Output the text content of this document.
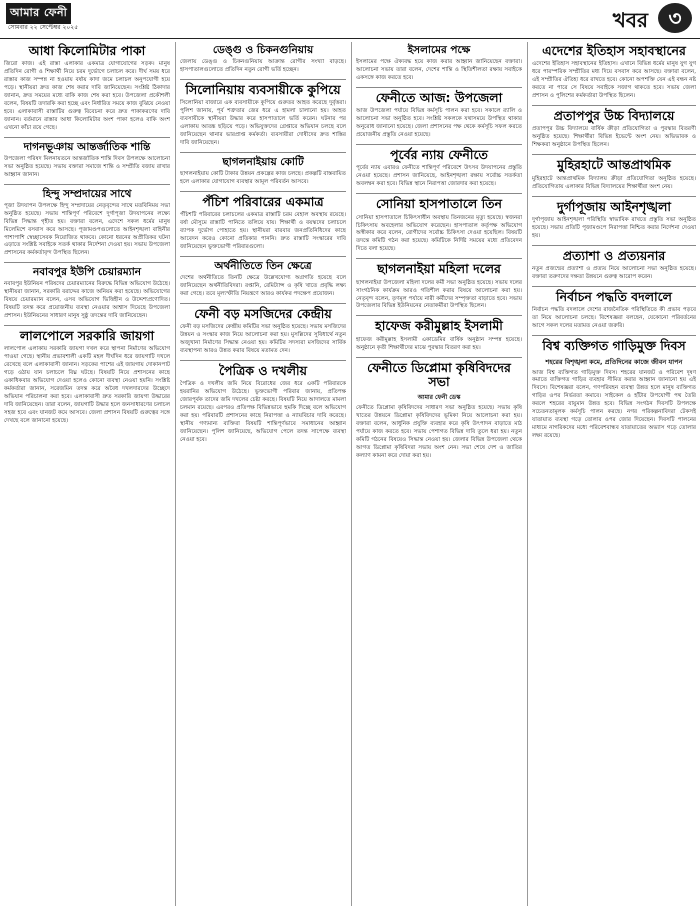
আমার ফেনী
সোমবার ২২ সেপ্টেম্বর ২০২৫	খবর	৩
আধা কিলোমিটার পাকা

জিরো কাজ। এই রাস্তা এলাকার একমাত্র যোগাযোগের সড়ক। মানুষ প্রতিদিন রোগী ও শিক্ষার্থী নিয়ে চরম দুর্ভোগে চলাচল করে। দীর্ঘ সময় ধরে রাস্তার কাজ সম্পন্ন না হওয়ায় বর্ষায় কাদা জমে চলাচল অনুপযোগী হয়ে পড়ে। স্থানীয়রা দ্রুত কাজ শেষ করার দাবি জানিয়েছেন। সংশ্লিষ্ট ঠিকাদার জানান, দ্রুত সময়ের মধ্যে বাকি কাজ শেষ করা হবে। উপজেলা প্রকৌশলী বলেন, বিষয়টি তদারকি করা হচ্ছে এবং নির্ধারিত সময়ে কাজ বুঝিয়ে নেওয়া হবে। এলাকাবাসী রাস্তাটির গুরুত্ব বিবেচনা করে দ্রুত পাকাকরণের দাবি জানান। বর্তমানে রাস্তার আধা কিলোমিটার অংশ পাকা হলেও বাকি অংশ এখনো কাঁচা রয়ে গেছে।

দাগনভূঞায় আন্তর্জাতিক শান্তি

উপজেলা পরিষদ মিলনায়তনে আন্তর্জাতিক শান্তি দিবস উপলক্ষে আলোচনা সভা অনুষ্ঠিত হয়েছে। সভায় বক্তারা সমাজে শান্তি ও সম্প্রীতি বজায় রাখার আহ্বান জানান।

হিন্দু সম্প্রদায়ের সাথে

পূজা উদযাপন উপলক্ষে হিন্দু সম্প্রদায়ের নেতৃবৃন্দের সাথে মতবিনিময় সভা অনুষ্ঠিত হয়েছে। সভায় শান্তিপূর্ণ পরিবেশে দুর্গাপূজা উদযাপনের লক্ষ্যে বিভিন্ন সিদ্ধান্ত গৃহীত হয়। বক্তারা বলেন, এদেশে সকল ধর্মের মানুষ মিলেমিশে বসবাস করে আসছে। পূজামণ্ডপগুলোতে আইনশৃঙ্খলা বাহিনীর পাশাপাশি স্বেচ্ছাসেবক নিয়োজিত থাকবে। কোনো ধরনের অপ্রীতিকর ঘটনা এড়াতে সংশ্লিষ্ট সবাইকে সতর্ক থাকার নির্দেশনা দেওয়া হয়। সভায় উপজেলা প্রশাসনের কর্মকর্তাবৃন্দ উপস্থিত ছিলেন।

নবাবপুর ইউপি চেয়ারম্যান

নবাবপুর ইউনিয়ন পরিষদের চেয়ারম্যানের বিরুদ্ধে বিভিন্ন অভিযোগ উঠেছে। স্থানীয়রা জানান, সরকারি বরাদ্দের কাজে অনিয়ম করা হয়েছে। অভিযোগের বিষয়ে চেয়ারম্যান বলেন, এসব অভিযোগ ভিত্তিহীন ও উদ্দেশ্যপ্রণোদিত। বিষয়টি তদন্ত করে প্রয়োজনীয় ব্যবস্থা নেওয়ার আশ্বাস দিয়েছে উপজেলা প্রশাসন। ইউনিয়নের সাধারণ মানুষ সুষ্ঠু তদন্তের দাবি জানিয়েছেন।

লালপোলে সরকারি জায়গা

লালপোল এলাকায় সরকারি জায়গা দখল করে স্থাপনা নির্মাণের অভিযোগ পাওয়া গেছে। স্থানীয় প্রভাবশালী একটি মহল দীর্ঘদিন ধরে জায়গাটি দখলে রেখেছে বলে এলাকাবাসী জানান। সড়কের পাশের এই জায়গায় দোকানপাট গড়ে ওঠায় যান চলাচলে বিঘ্ন ঘটছে। বিষয়টি নিয়ে প্রশাসনের কাছে একাধিকবার অভিযোগ দেওয়া হলেও কোনো ব্যবস্থা নেওয়া হয়নি। সংশ্লিষ্ট কর্মকর্তারা জানান, সরেজমিন তদন্ত করে অবৈধ দখলদারদের উচ্ছেদে অভিযান পরিচালনা করা হবে। এলাকাবাসী দ্রুত সরকারি জায়গা উদ্ধারের দাবি জানিয়েছেন। তারা বলেন, জায়গাটি উদ্ধার হলে জনসাধারণের চলাচল সহজ হবে এবং যানজট কমে আসবে। জেলা প্রশাসন বিষয়টি গুরুত্বের সঙ্গে দেখছে বলে জানানো হয়েছে।

ডেঙ্গু ও চিকনগুনিয়ায়

জেলায় ডেঙ্গু ও চিকনগুনিয়ায় আক্রান্ত রোগীর সংখ্যা বাড়ছে। হাসপাতালগুলোতে প্রতিদিন নতুন রোগী ভর্তি হচ্ছেন।

সিলোনিয়ায় ব্যবসায়ীকে কুপিয়ে

সিলোনিয়া বাজারে এক ব্যবসায়ীকে কুপিয়ে গুরুতর আহত করেছে দুর্বৃত্তরা। পুলিশ জানায়, পূর্ব শত্রুতার জের ধরে এ হামলা চালানো হয়। আহত ব্যবসায়ীকে স্থানীয়রা উদ্ধার করে হাসপাতালে ভর্তি করেন। ঘটনার পর এলাকায় আতঙ্ক ছড়িয়ে পড়ে। অভিযুক্তদের গ্রেপ্তারে অভিযান চলছে বলে জানিয়েছেন থানার ভারপ্রাপ্ত কর্মকর্তা। ব্যবসায়ীরা দোষীদের দ্রুত শাস্তির দাবি জানিয়েছেন।

ছাগলনাইয়ায় কোটি

ছাগলনাইয়ায় কোটি টাকার উন্নয়ন প্রকল্পের কাজ চলছে। প্রকল্পটি বাস্তবায়িত হলে এলাকার যোগাযোগ ব্যবস্থার আমূল পরিবর্তন আসবে।

পঁচিশ পরিবারের একমাত্র

পঁচিশটি পরিবারের চলাচলের একমাত্র রাস্তাটি চরম বেহাল অবস্থায় রয়েছে। বর্ষা মৌসুমে রাস্তাটি পানিতে তলিয়ে যায়। শিক্ষার্থী ও বয়স্কদের চলাচলে ব্যাপক দুর্ভোগ পোহাতে হয়। স্থানীয়রা বারবার জনপ্রতিনিধিদের কাছে আবেদন করেও কোনো প্রতিকার পাননি। দ্রুত রাস্তাটি সংস্কারের দাবি জানিয়েছেন ভুক্তভোগী পরিবারগুলো।

অর্থনীতিতে তিন ক্ষেত্রে

দেশের অর্থনীতিতে তিনটি ক্ষেত্রে উল্লেখযোগ্য অগ্রগতি হয়েছে বলে জানিয়েছেন অর্থনীতিবিদরা। রপ্তানি, রেমিট্যান্স ও কৃষি খাতে প্রবৃদ্ধি লক্ষ্য করা গেছে। তবে মূল্যস্ফীতি নিয়ন্ত্রণে আরও কার্যকর পদক্ষেপ প্রয়োজন।

ফেনী বড় মসজিদের কেন্দ্রীয়

ফেনী বড় মসজিদের কেন্দ্রীয় কমিটির সভা অনুষ্ঠিত হয়েছে। সভায় মসজিদের উন্নয়ন ও সংস্কার কাজ নিয়ে আলোচনা করা হয়। মুসল্লিদের সুবিধার্থে নতুন অজুখানা নির্মাণের সিদ্ধান্ত নেওয়া হয়। কমিটির সদস্যরা মসজিদের সার্বিক ব্যবস্থাপনা আরও উন্নত করার বিষয়ে মতামত দেন।

পৈত্রিক ও দখলীয়

পৈত্রিক ও দখলীয় জমি নিয়ে বিরোধের জের ধরে একটি পরিবারকে হয়রানির অভিযোগ উঠেছে। ভুক্তভোগী পরিবার জানায়, প্রতিপক্ষ জোরপূর্বক তাদের জমি দখলের চেষ্টা করছে। বিষয়টি নিয়ে আদালতে মামলা চলমান রয়েছে। এরপরও প্রতিপক্ষ বিভিন্নভাবে হুমকি দিচ্ছে বলে অভিযোগ করা হয়। পরিবারটি প্রশাসনের কাছে নিরাপত্তা ও ন্যায়বিচার দাবি করেছে। স্থানীয় গণ্যমান্য ব্যক্তিরা বিষয়টি শান্তিপূর্ণভাবে সমাধানের আহ্বান জানিয়েছেন। পুলিশ জানিয়েছে, অভিযোগ পেলে তদন্ত সাপেক্ষে ব্যবস্থা নেওয়া হবে।

ইসলামের পক্ষে

ইসলামের পক্ষে ঐক্যবদ্ধ হয়ে কাজ করার আহ্বান জানিয়েছেন বক্তারা। আলোচনা সভায় তারা বলেন, দেশের শান্তি ও স্থিতিশীলতা রক্ষায় সবাইকে একসঙ্গে কাজ করতে হবে।

ফেনীতে আজ: উপজেলা

আজ উপজেলা পর্যায়ে বিভিন্ন কর্মসূচি পালন করা হবে। সকালে র‌্যালি ও আলোচনা সভা অনুষ্ঠিত হবে। সংশ্লিষ্ট সকলকে যথাসময়ে উপস্থিত থাকার অনুরোধ জানানো হয়েছে। জেলা প্রশাসনের পক্ষ থেকে কর্মসূচি সফল করতে প্রয়োজনীয় প্রস্তুতি নেওয়া হয়েছে।

পূর্বের ন্যায় ফেনীতে

পূর্বের ন্যায় এবারও ফেনীতে শান্তিপূর্ণ পরিবেশে উৎসব উদযাপনের প্রস্তুতি নেওয়া হয়েছে। প্রশাসন জানিয়েছে, আইনশৃঙ্খলা রক্ষায় সর্বোচ্চ সতর্কতা অবলম্বন করা হবে। বিভিন্ন স্থানে নিরাপত্তা জোরদার করা হয়েছে।

সোনিয়া হাসপাতালে তিন

সোনিয়া হাসপাতালে চিকিৎসাধীন অবস্থায় তিনজনের মৃত্যু হয়েছে। স্বজনরা চিকিৎসায় অবহেলার অভিযোগ করেছেন। হাসপাতাল কর্তৃপক্ষ অভিযোগ অস্বীকার করে বলেন, রোগীদের সর্বোচ্চ চিকিৎসা দেওয়া হয়েছিল। বিষয়টি তদন্তে কমিটি গঠন করা হয়েছে। কমিটিকে নির্দিষ্ট সময়ের মধ্যে প্রতিবেদন দিতে বলা হয়েছে।

ছাগলনাইয়া মহিলা দলের

ছাগলনাইয়া উপজেলা মহিলা দলের কর্মী সভা অনুষ্ঠিত হয়েছে। সভায় দলের সাংগঠনিক কার্যক্রম আরও গতিশীল করার বিষয়ে আলোচনা করা হয়। নেতৃবৃন্দ বলেন, তৃণমূল পর্যায়ে নারী কর্মীদের সম্পৃক্ততা বাড়াতে হবে। সভায় উপজেলার বিভিন্ন ইউনিয়নের নেতাকর্মীরা উপস্থিত ছিলেন।

হাফেজ করীমুল্লাহ ইসলামী

হাফেজ করীমুল্লাহ ইসলামী একাডেমির বার্ষিক অনুষ্ঠান সম্পন্ন হয়েছে। অনুষ্ঠানে কৃতী শিক্ষার্থীদের মাঝে পুরস্কার বিতরণ করা হয়।

ফেনীতে ডিপ্লোমা কৃষিবিদদের সভা
আমার ফেনী ডেস্ক

ফেনীতে ডিপ্লোমা কৃষিবিদদের সাধারণ সভা অনুষ্ঠিত হয়েছে। সভায় কৃষি খাতের উন্নয়নে ডিপ্লোমা কৃষিবিদদের ভূমিকা নিয়ে আলোচনা করা হয়। বক্তারা বলেন, আধুনিক প্রযুক্তি ব্যবহার করে কৃষি উৎপাদন বাড়াতে মাঠ পর্যায়ে কাজ করতে হবে। সভায় পেশাগত বিভিন্ন দাবি তুলে ধরা হয়। নতুন কমিটি গঠনের বিষয়েও সিদ্ধান্ত নেওয়া হয়। জেলার বিভিন্ন উপজেলা থেকে আগত ডিপ্লোমা কৃষিবিদরা সভায় অংশ নেন। সভা শেষে দেশ ও জাতির কল্যাণ কামনা করে দোয়া করা হয়।

এদেশের ইতিহাস সহাবস্থানের

এদেশের ইতিহাস সহাবস্থানের ইতিহাস। এখানে বিভিন্ন ধর্মের মানুষ যুগ যুগ ধরে পারস্পরিক সম্প্রীতির মধ্য দিয়ে বসবাস করে আসছে। বক্তারা বলেন, এই সম্প্রীতির ঐতিহ্য ধরে রাখতে হবে। কোনো অপশক্তি যেন এই বন্ধন নষ্ট করতে না পারে সে বিষয়ে সবাইকে সজাগ থাকতে হবে। সভায় জেলা প্রশাসন ও পুলিশের কর্মকর্তারা উপস্থিত ছিলেন।

প্রতাপপুর উচ্চ বিদ্যালয়ে

প্রতাপপুর উচ্চ বিদ্যালয়ে বার্ষিক ক্রীড়া প্রতিযোগিতা ও পুরস্কার বিতরণী অনুষ্ঠিত হয়েছে। শিক্ষার্থীরা বিভিন্ন ইভেন্টে অংশ নেয়। অভিভাবক ও শিক্ষকরা অনুষ্ঠানে উপস্থিত ছিলেন।

মুহিরহাটে আন্তপ্রাথমিক

মুহিরহাটে আন্তপ্রাথমিক বিদ্যালয় ক্রীড়া প্রতিযোগিতা অনুষ্ঠিত হয়েছে। প্রতিযোগিতায় এলাকার বিভিন্ন বিদ্যালয়ের শিক্ষার্থীরা অংশ নেয়।

দুর্গাপূজায় আইনশৃঙ্খলা

দুর্গাপূজায় আইনশৃঙ্খলা পরিস্থিতি স্বাভাবিক রাখতে প্রস্তুতি সভা অনুষ্ঠিত হয়েছে। সভায় প্রতিটি পূজামণ্ডপে নিরাপত্তা নিশ্চিত করার নির্দেশনা দেওয়া হয়।

প্রত্যাশা ও প্রত্যয়নার

নতুন প্রজন্মের প্রত্যাশা ও প্রত্যয় নিয়ে আলোচনা সভা অনুষ্ঠিত হয়েছে। বক্তারা তরুণদের দক্ষতা উন্নয়নে গুরুত্ব আরোপ করেন।

নির্বাচন পদ্ধতি বদলালে

নির্বাচন পদ্ধতি বদলালে দেশের রাজনৈতিক পরিস্থিতিতে কী প্রভাব পড়বে তা নিয়ে আলোচনা চলছে। বিশেষজ্ঞরা বলছেন, যেকোনো পরিবর্তনের আগে সকল দলের মতামত নেওয়া জরুরি।

বিশ্ব ব্যক্তিগত গাড়িমুক্ত দিবস
শহরের বিশৃঙ্খলা কমে, প্রতিদিনের কাজে জীবন যাপন

আজ বিশ্ব ব্যক্তিগত গাড়িমুক্ত দিবস। শহরের যানজট ও পরিবেশ দূষণ কমাতে ব্যক্তিগত গাড়ির ব্যবহার সীমিত করার আহ্বান জানানো হয় এই দিবসে। বিশেষজ্ঞরা বলেন, গণপরিবহন ব্যবস্থা উন্নত হলে মানুষ ব্যক্তিগত গাড়ির ওপর নির্ভরতা কমাবে। সাইকেল ও হাঁটার উপযোগী পথ তৈরি করলে শহরের বায়ুমান উন্নত হবে। বিভিন্ন সংগঠন দিবসটি উপলক্ষে সচেতনতামূলক কর্মসূচি পালন করছে। নগর পরিকল্পনাবিদরা টেকসই যাতায়াত ব্যবস্থা গড়ে তোলার ওপর জোর দিয়েছেন। দিবসটি পালনের মাধ্যমে নাগরিকদের মধ্যে পরিবেশবান্ধব যাতায়াতের অভ্যাস গড়ে তোলার লক্ষ্য রয়েছে।
